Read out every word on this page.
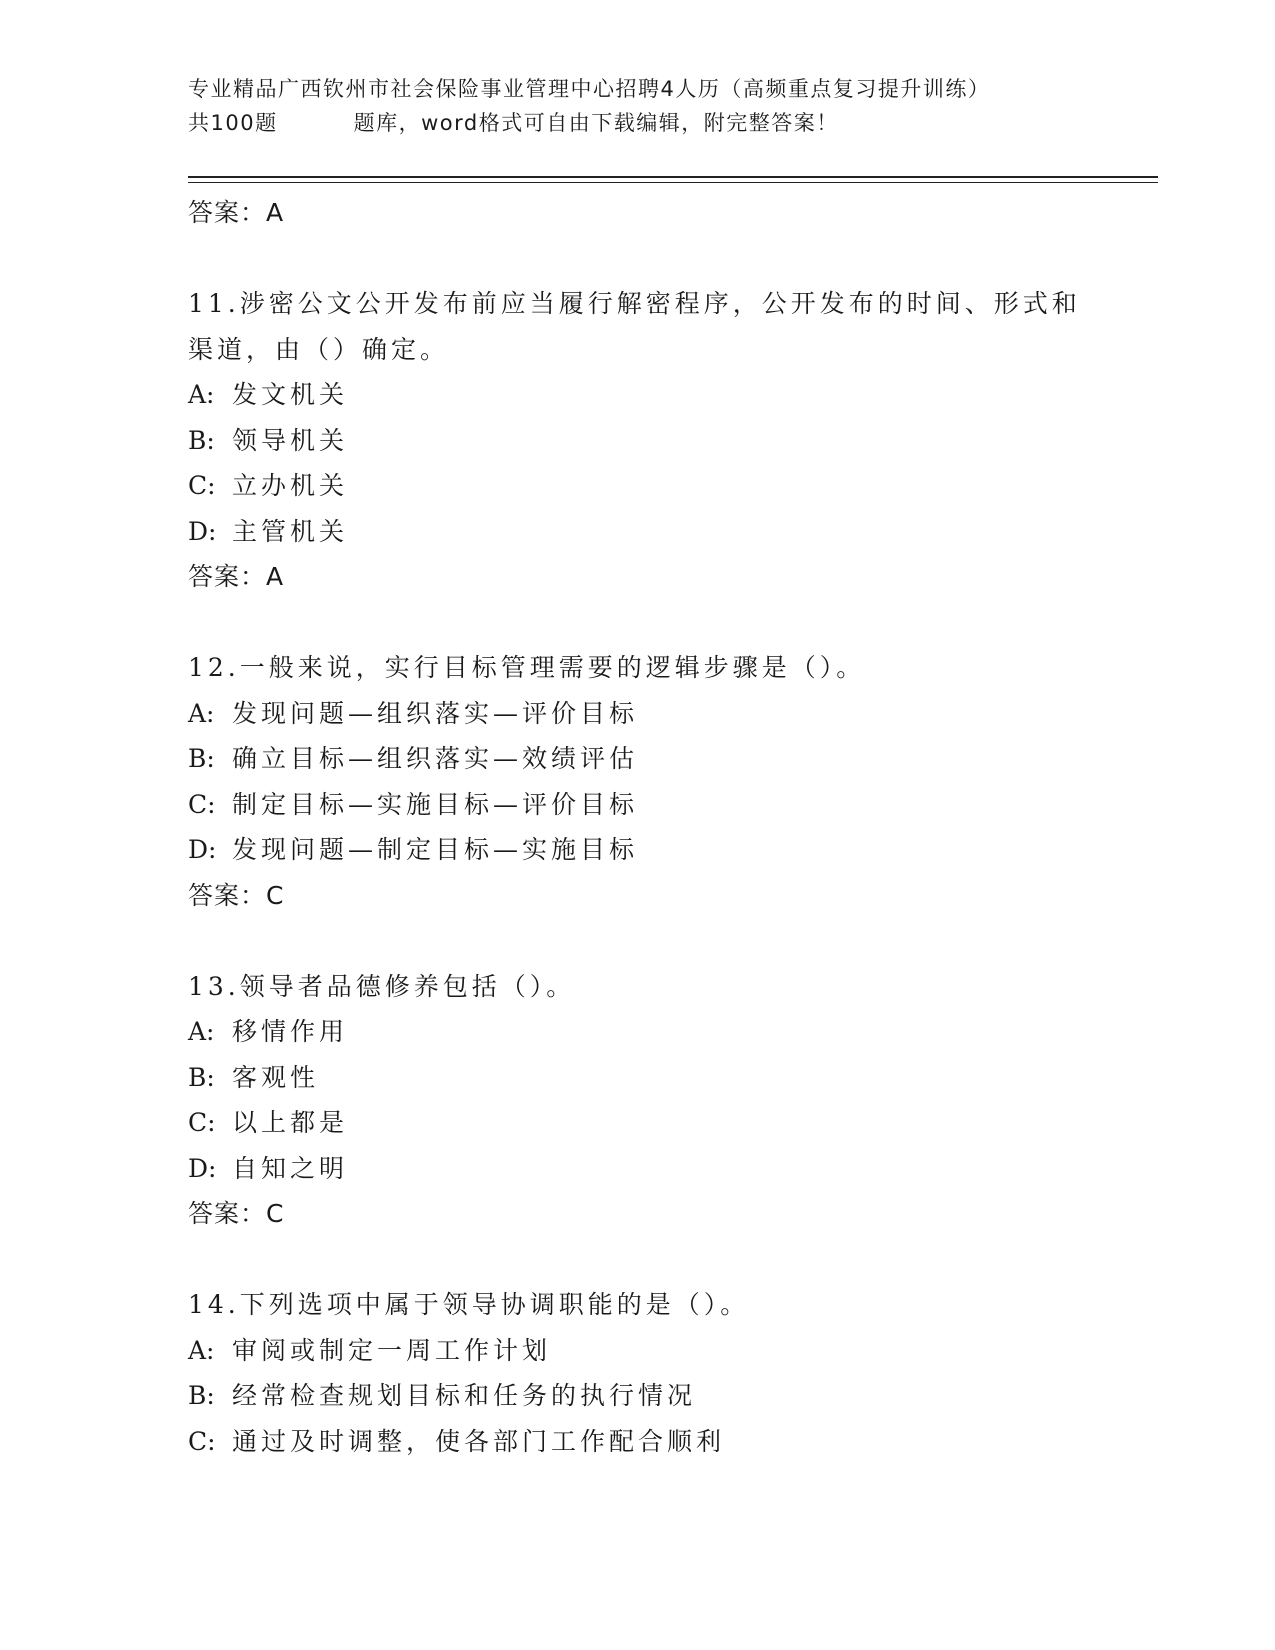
专业精品广西钦州市社会保险事业管理中心招聘4人历（高频重点复习提升训练）
共100题	题库，word格式可自由下载编辑，附完整答案！
答案：A
11.涉密公文公开发布前应当履行解密程序，公开发布的时间、形式和
渠道，由（）确定。
A: 发文机关
B: 领导机关
C: 立办机关
D: 主管机关
答案：A
12.一般来说，实行目标管理需要的逻辑步骤是（）。
A: 发现问题—组织落实—评价目标
B: 确立目标—组织落实—效绩评估
C: 制定目标—实施目标—评价目标
D: 发现问题—制定目标—实施目标
答案：C
13.领导者品德修养包括（）。
A: 移情作用
B: 客观性
C: 以上都是
D: 自知之明
答案：C
14.下列选项中属于领导协调职能的是（）。
A: 审阅或制定一周工作计划
B: 经常检查规划目标和任务的执行情况
C: 通过及时调整，使各部门工作配合顺利
